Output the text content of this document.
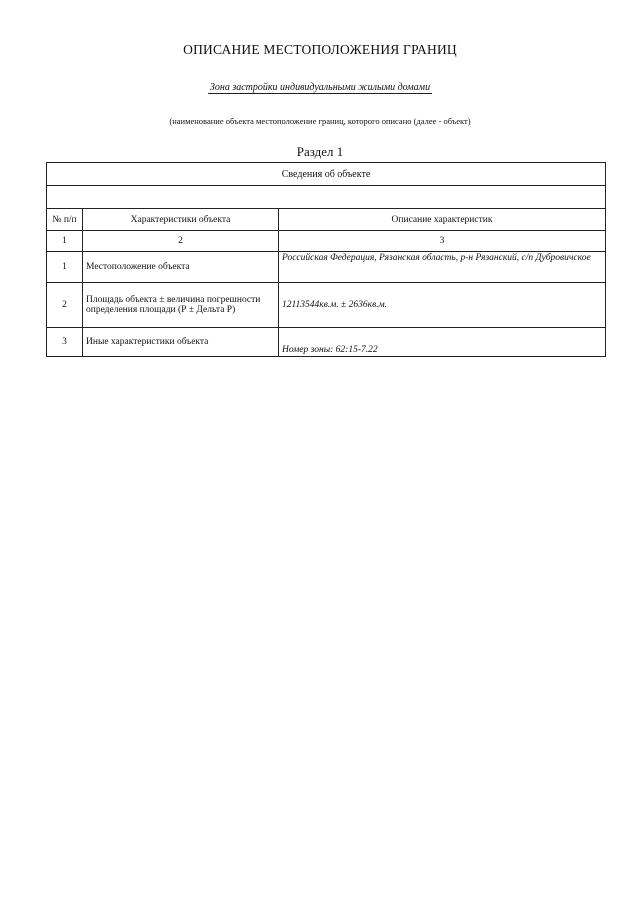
ОПИСАНИЕ МЕСТОПОЛОЖЕНИЯ ГРАНИЦ
Зона застройки индивидуальными жилыми домами
(наименование объекта местоположение границ, которого описано (далее - объект)
Раздел 1
Сведения об объекте		

№ п/п	Характеристики объекта	Описание характеристик
1	2	3
1	Местоположение объекта	Российская Федерация, Рязанская область, р-н Рязанский, с/п Дубровичское
2	Площадь объекта ± величина погрешности определения площади (Р ± Дельта Р)	12113544кв.м. ± 2636кв.м.
3	Иные характеристики объекта	Номер зоны: 62:15-7.22
